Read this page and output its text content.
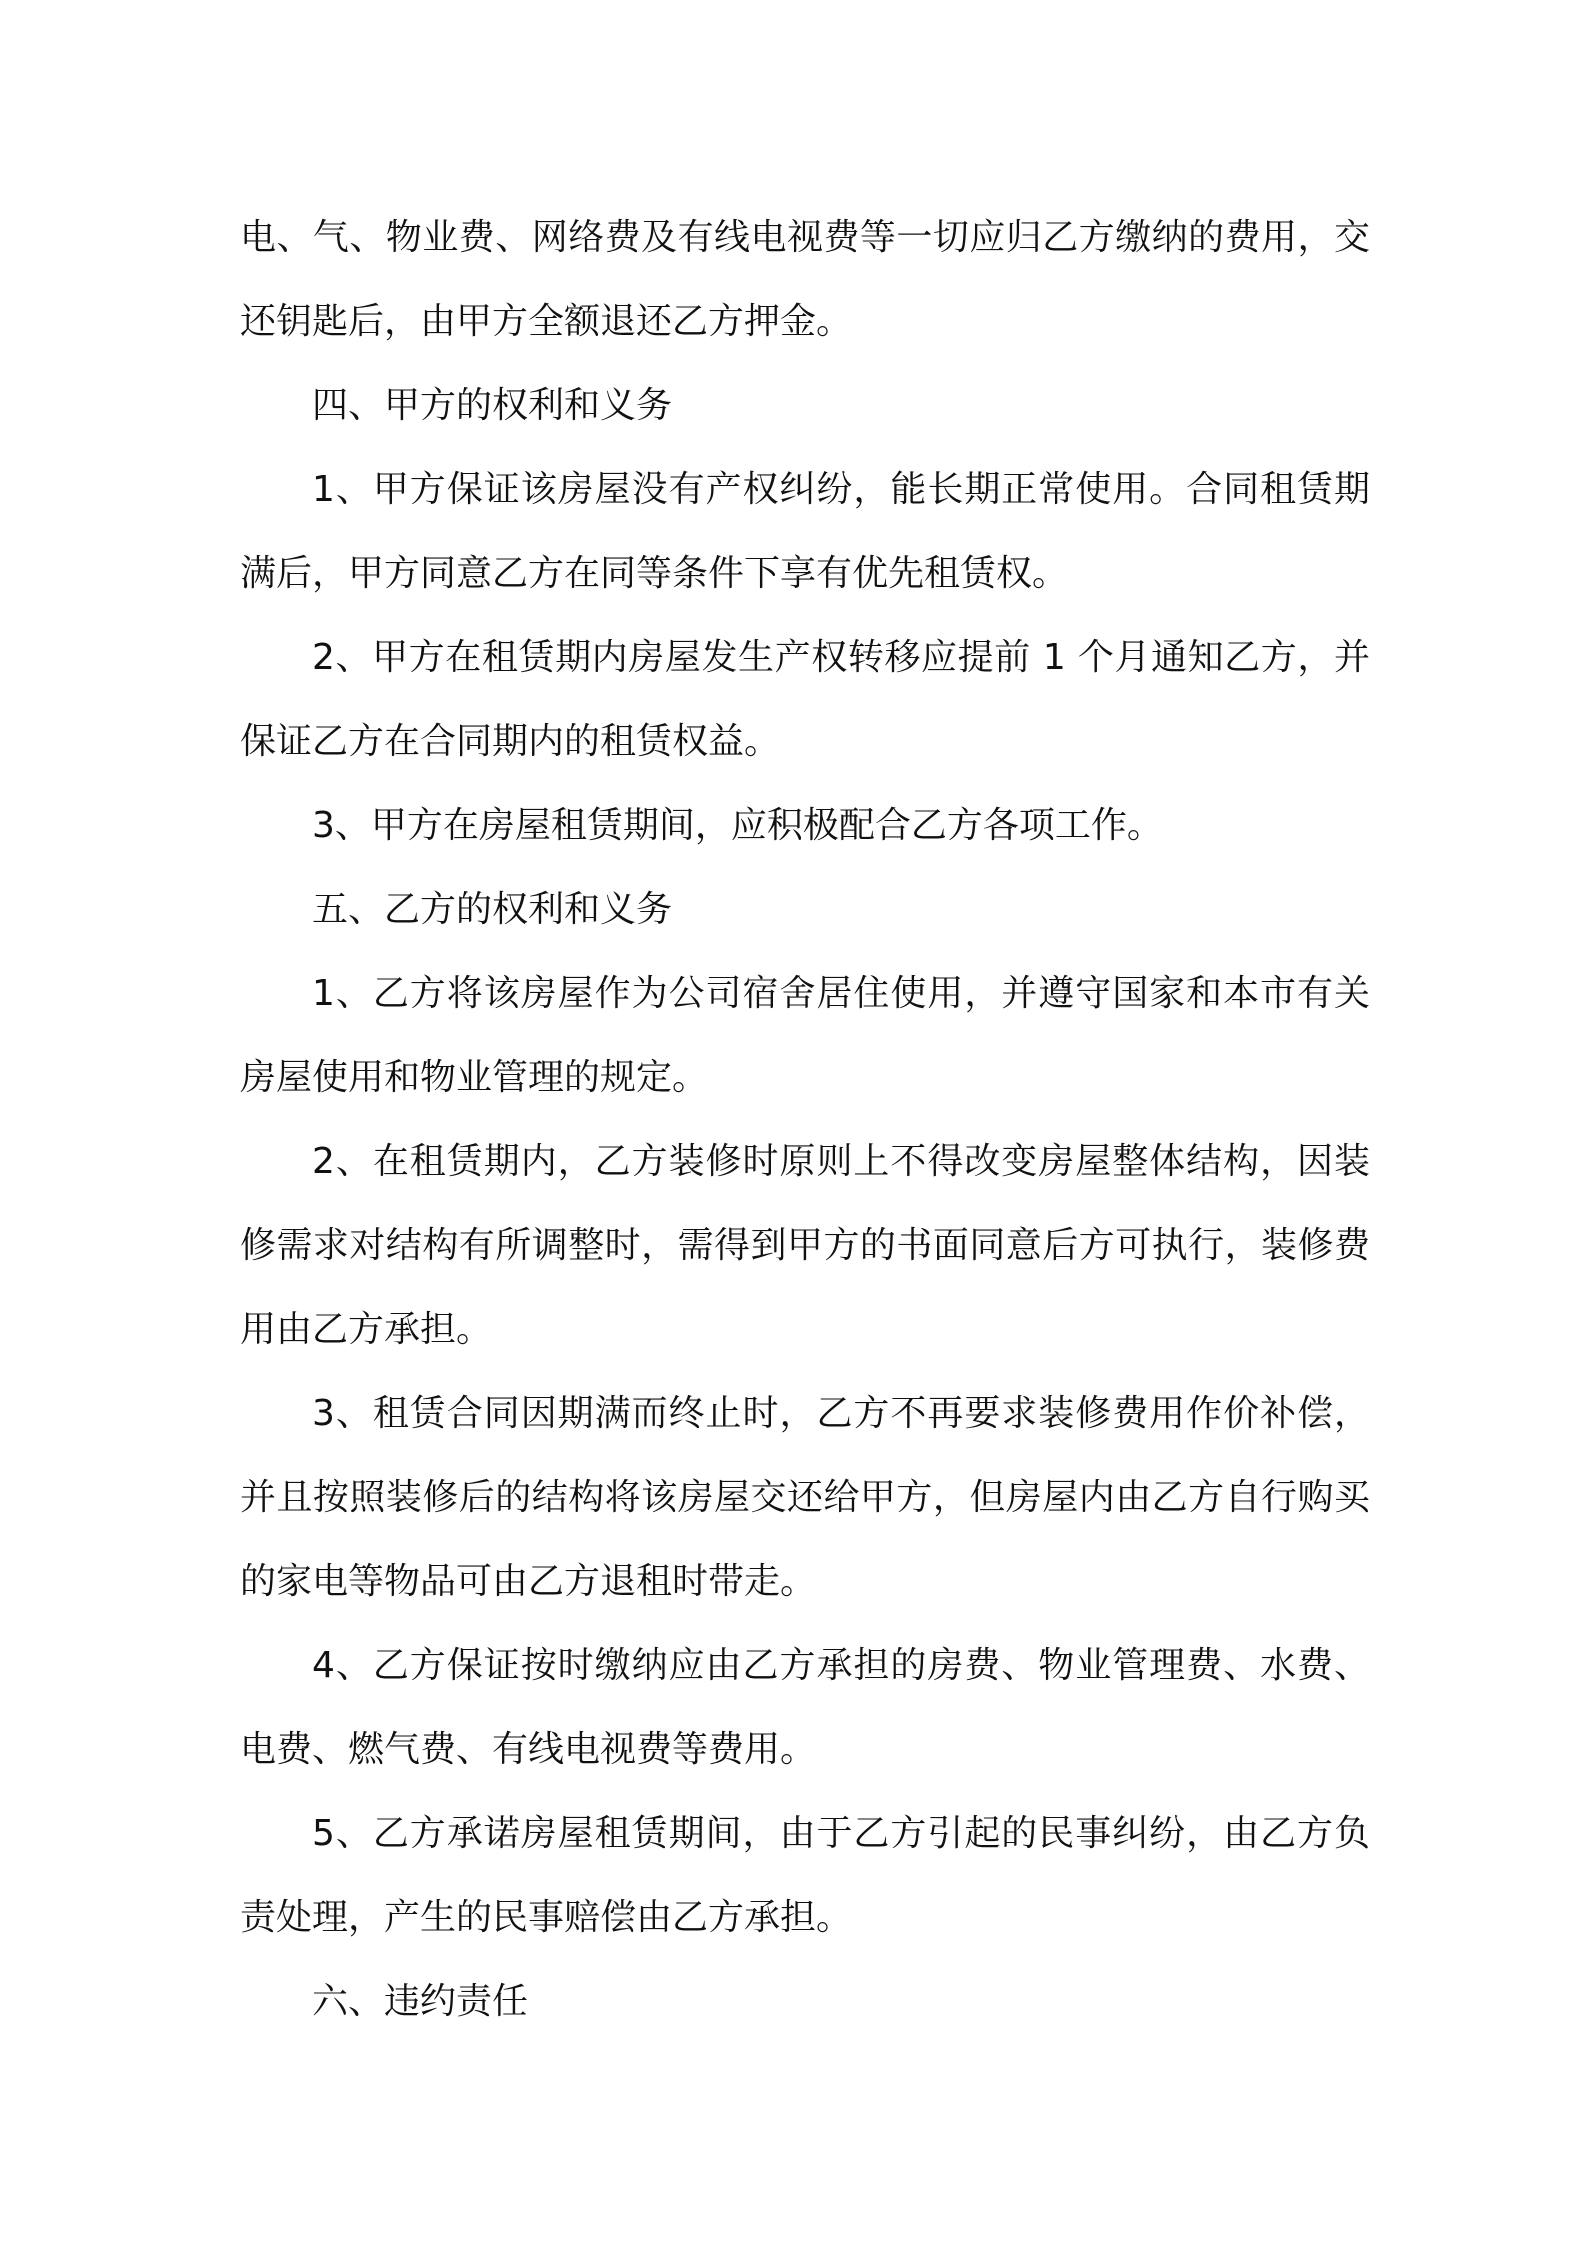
电、气、物业费、网络费及有线电视费等一切应归乙方缴纳的费用，交还钥匙后，由甲方全额退还乙方押金。

四、甲方的权利和义务

1、甲方保证该房屋没有产权纠纷，能长期正常使用。合同租赁期满后，甲方同意乙方在同等条件下享有优先租赁权。

2、甲方在租赁期内房屋发生产权转移应提前 1 个月通知乙方，并保证乙方在合同期内的租赁权益。

3、甲方在房屋租赁期间，应积极配合乙方各项工作。

五、乙方的权利和义务

1、乙方将该房屋作为公司宿舍居住使用，并遵守国家和本市有关房屋使用和物业管理的规定。

2、在租赁期内，乙方装修时原则上不得改变房屋整体结构，因装修需求对结构有所调整时，需得到甲方的书面同意后方可执行，装修费用由乙方承担。

3、租赁合同因期满而终止时，乙方不再要求装修费用作价补偿，并且按照装修后的结构将该房屋交还给甲方，但房屋内由乙方自行购买的家电等物品可由乙方退租时带走。

4、乙方保证按时缴纳应由乙方承担的房费、物业管理费、水费、电费、燃气费、有线电视费等费用。

5、乙方承诺房屋租赁期间，由于乙方引起的民事纠纷，由乙方负责处理，产生的民事赔偿由乙方承担。

六、违约责任
